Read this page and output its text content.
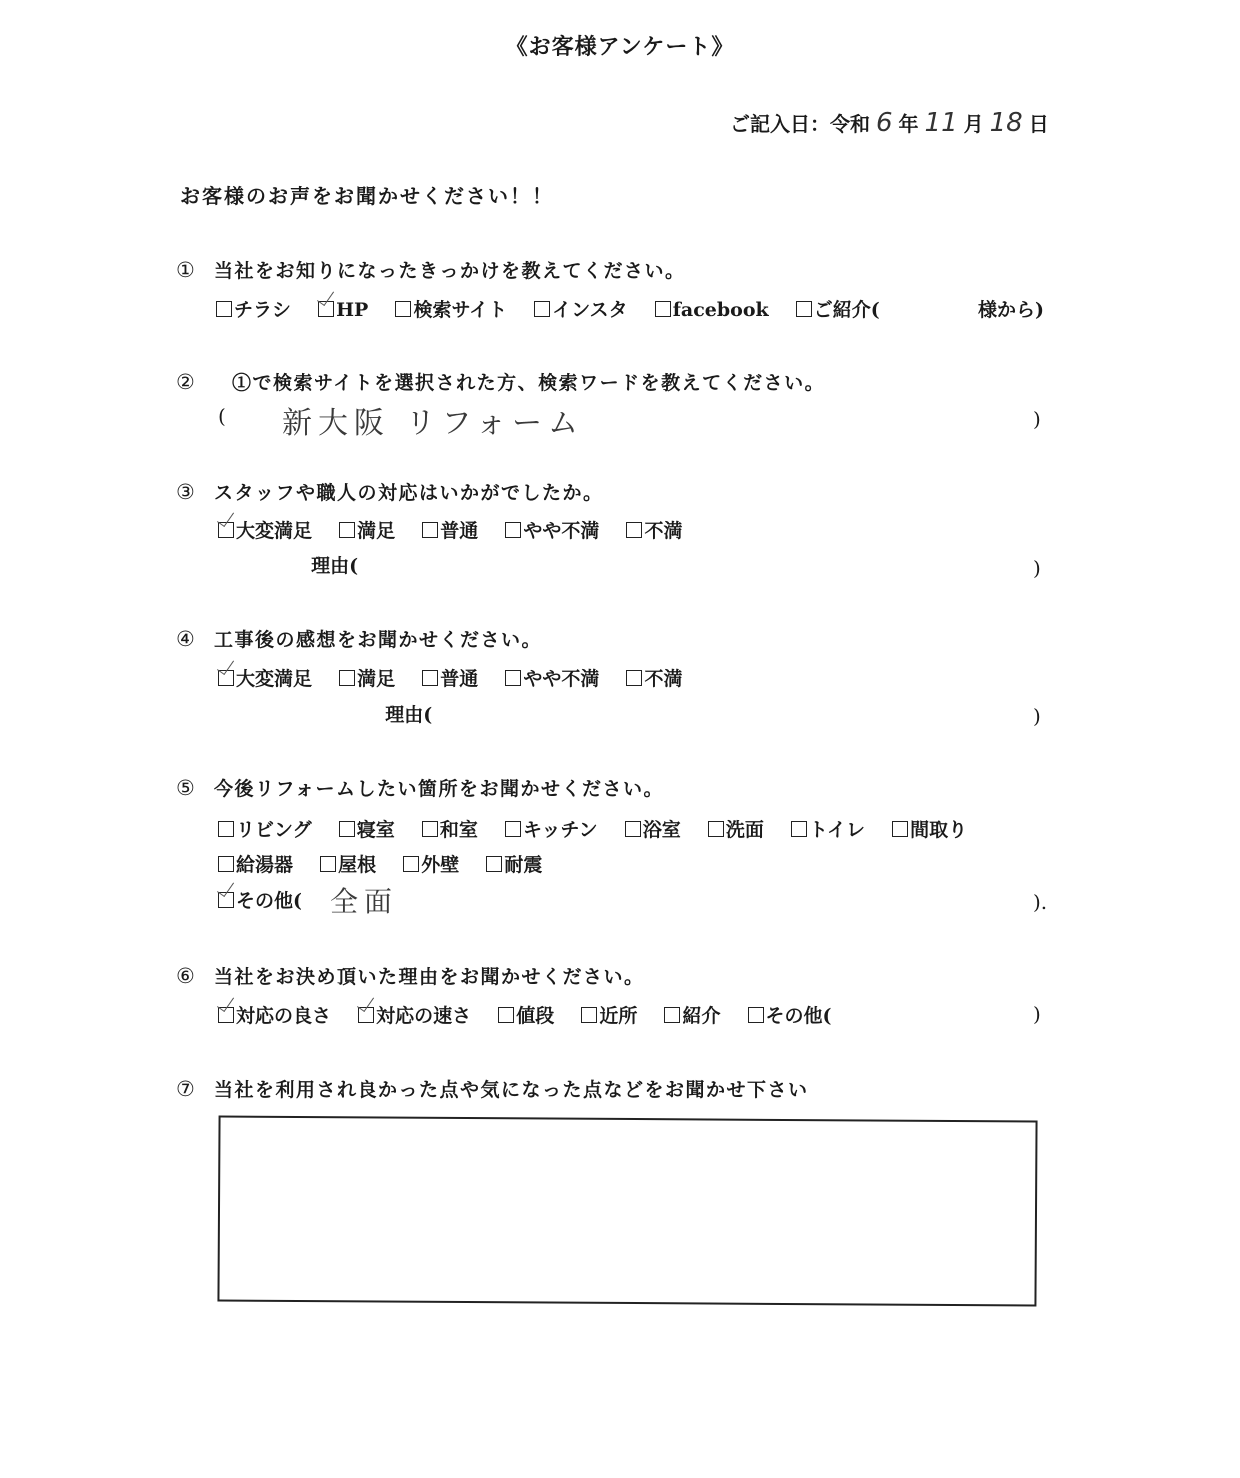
《お客様アンケート》
ご記入日：令和 6 年 11 月 18 日
お客様のお声をお聞かせください！！
① 当社をお知りになったきっかけを教えてください。
チラシ HP 検索サイト インスタ facebook ご紹介(	様から)
② ①で検索サイトを選択された方、検索ワードを教えてください。
( 新大阪 リフォーム	)
③ スタッフや職人の対応はいかがでしたか。
大変満足 満足 普通 やや不満 不満
理由(	)
④ 工事後の感想をお聞かせください。
大変満足 満足 普通 やや不満 不満
理由(	)
⑤ 今後リフォームしたい箇所をお聞かせください。
リビング 寝室 和室 キッチン 浴室 洗面 トイレ 間取り
給湯器 屋根 外壁 耐震
その他(	全面	).
⑥ 当社をお決め頂いた理由をお聞かせください。
対応の良さ 対応の速さ 値段 近所 紹介 その他(	)
⑦ 当社を利用され良かった点や気になった点などをお聞かせ下さい
